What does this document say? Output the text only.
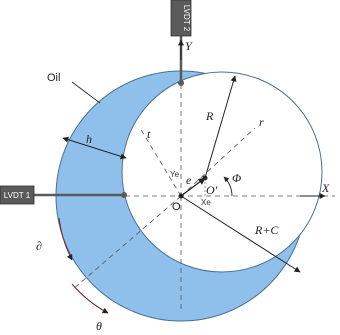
LVDT 1
LVDT 2
X⃗
Y⃗
R
R+C
e
O'
O
Ye
Xe
Φ
t⃗
r⃗
Oil
h
∂
θ
